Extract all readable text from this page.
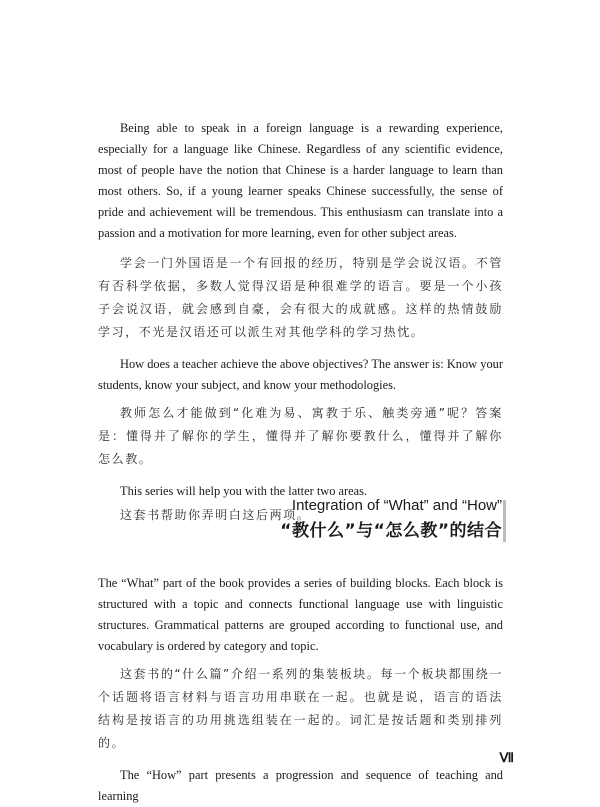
Being able to speak in a foreign language is a rewarding experience, especially for a language like Chinese. Regardless of any scientific evidence, most of people have the notion that Chinese is a harder language to learn than most others. So, if a young learner speaks Chinese successfully, the sense of pride and achievement will be tremendous. This enthusiasm can translate into a passion and a motivation for more learning, even for other subject areas.

学会一门外国语是一个有回报的经历，特别是学会说汉语。不管有否科学依据，多数人觉得汉语是种很难学的语言。要是一个小孩子会说汉语，就会感到自豪，会有很大的成就感。这样的热情鼓励学习，不光是汉语还可以派生对其他学科的学习热忱。

How does a teacher achieve the above objectives? The answer is: Know your students, know your subject, and know your methodologies.

教师怎么才能做到“化难为易、寓教于乐、触类旁通”呢？答案是：懂得并了解你的学生，懂得并了解你要教什么，懂得并了解你怎么教。

This series will help you with the latter two areas.

这套书帮助你弄明白这后两项。

Integration of “What” and “How”
“教什么”与“怎么教”的结合

The “What” part of the book provides a series of building blocks. Each block is structured with a topic and connects functional language use with linguistic structures. Grammatical patterns are grouped according to functional use, and vocabulary is ordered by category and topic.

这套书的“什么篇”介绍一系列的集装板块。每一个板块都围绕一个话题将语言材料与语言功用串联在一起。也就是说，语言的语法结构是按语言的功用挑选组装在一起的。词汇是按话题和类别排列的。

The “How” part presents a progression and sequence of teaching and learning

Ⅶ
